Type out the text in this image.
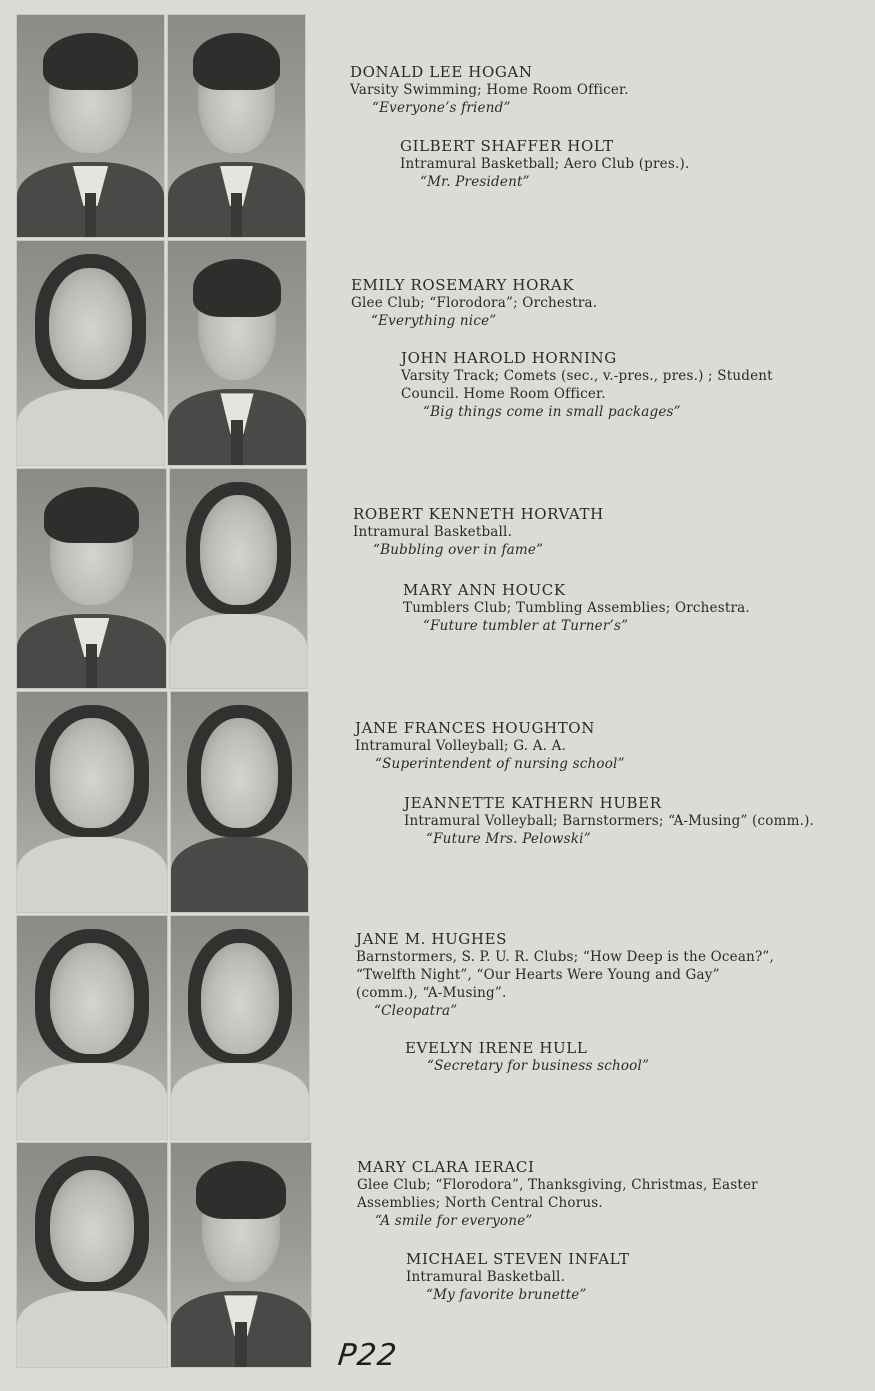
DONALD LEE HOGAN
Varsity Swimming; Home Room Officer.
“Everyone’s friend”
GILBERT SHAFFER HOLT
Intramural Basketball; Aero Club (pres.).
“Mr. President”
EMILY ROSEMARY HORAK
Glee Club; “Florodora”; Orchestra.
“Everything nice”
JOHN HAROLD HORNING
Varsity Track; Comets (sec., v.-pres., pres.) ; Student Council. Home Room Officer.
“Big things come in small packages”
ROBERT KENNETH HORVATH
Intramural Basketball.
“Bubbling over in fame”
MARY ANN HOUCK
Tumblers Club; Tumbling Assemblies; Orchestra.
“Future tumbler at Turner’s”
JANE FRANCES HOUGHTON
Intramural Volleyball; G. A. A.
“Superintendent of nursing school”
JEANNETTE KATHERN HUBER
Intramural Volleyball; Barnstormers; “A-Musing” (comm.).
“Future Mrs. Pelowski”
JANE M. HUGHES
Barnstormers, S. P. U. R. Clubs; “How Deep is the Ocean?”, “Twelfth Night”, “Our Hearts Were Young and Gay” (comm.), “A-Musing”.
“Cleopatra”
EVELYN IRENE HULL
“Secretary for business school”
MARY CLARA IERACI
Glee Club; “Florodora”, Thanksgiving, Christmas, Easter Assemblies; North Central Chorus.
“A smile for everyone”
MICHAEL STEVEN INFALT
Intramural Basketball.
“My favorite brunette”
P22
